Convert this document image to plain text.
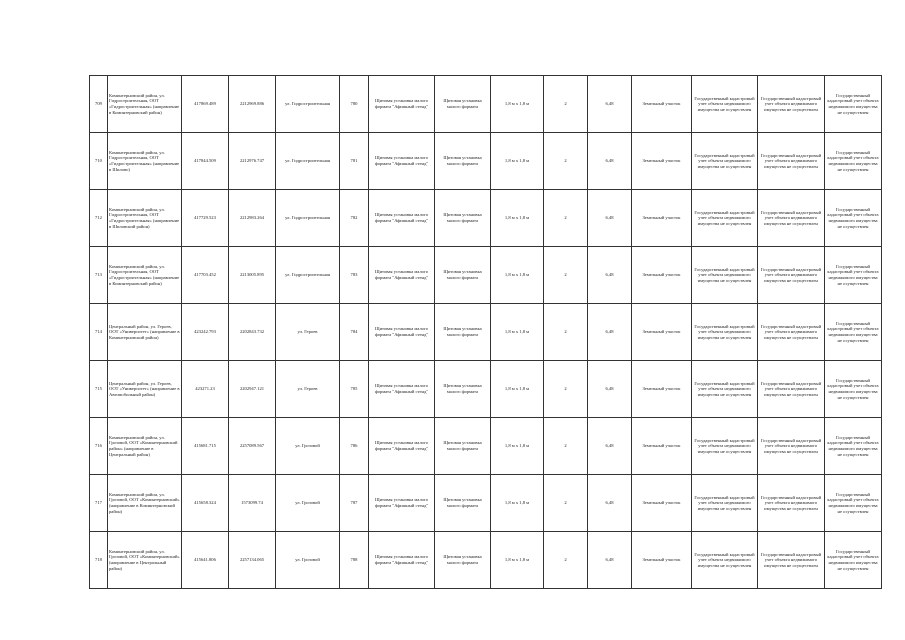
709	Коминтерновский район, ул. Гидростроительная, ООТ «Гидростроительная» (направление в Коминтерновский район)	417869.489	2212969.886	ул. Гидростроительная	780	Щитовая установка малого формата "Афишный стенд"	Щитовая установка малого формата	1,8 м х 1,8 м	2	6,48	Земельный участок	Государственный кадастровый учет объекта недвижимого имущества не осуществлен	Государственный кадастровый учет объекта недвижимого имущества не осуществлен	Государственный кадастровый учет объекта недвижимого имущества не осуществлен
710	Коминтерновский район, ул. Гидростроительная, ООТ «Гидростроительная» (направление в Шилово)	417844.509	2212976.747	ул. Гидростроительная	781	Щитовая установка малого формата "Афишный стенд"	Щитовая установка малого формата	1,8 м х 1,8 м	2	6,48	Земельный участок	Государственный кадастровый учет объекта недвижимого имущества не осуществлен	Государственный кадастровый учет объекта недвижимого имущества не осуществлен	Государственный кадастровый учет объекта недвижимого имущества не осуществлен
712	Коминтерновский район, ул. Гидростроительная, ООТ «Гидростроительная» (направление в Шиловский район)	417729.523	2212983.264	ул. Гидростроительная	782	Щитовая установка малого формата "Афишный стенд"	Щитовая установка малого формата	1,8 м х 1,8 м	2	6,48	Земельный участок	Государственный кадастровый учет объекта недвижимого имущества не осуществлен	Государственный кадастровый учет объекта недвижимого имущества не осуществлен	Государственный кадастровый учет объекта недвижимого имущества не осуществлен
713	Коминтерновский район, ул. Гидростроительная, ООТ «Гидростроительная» (направление в Коминтерновский район)	417703.452	2213005.895	ул. Гидростроительная	783	Щитовая установка малого формата "Афишный стенд"	Щитовая установка малого формата	1,8 м х 1,8 м	2	6,48	Земельный участок	Государственный кадастровый учет объекта недвижимого имущества не осуществлен	Государственный кадастровый учет объекта недвижимого имущества не осуществлен	Государственный кадастровый учет объекта недвижимого имущества не осуществлен
714	Центральный район, ул. Героев, ООТ «Университет» (направление в Коминтерновский район)	423242.793	2202843.732	ул. Героев	784	Щитовая установка малого формата "Афишный стенд"	Щитовая установка малого формата	1,8 м х 1,8 м	2	6,48	Земельный участок	Государственный кадастровый учет объекта недвижимого имущества не осуществлен	Государственный кадастровый учет объекта недвижимого имущества не осуществлен	Государственный кадастровый учет объекта недвижимого имущества не осуществлен
715	Центральный район, ул. Героев, ООТ «Университет» (направление в Автомобильный район)	423271.23	2202947.121	ул. Героев	785	Щитовая установка малого формата "Афишный стенд"	Щитовая установка малого формата	1,8 м х 1,8 м	2	6,48	Земельный участок	Государственный кадастровый учет объекта недвижимого имущества не осуществлен	Государственный кадастровый учет объекта недвижимого имущества не осуществлен	Государственный кадастровый учет объекта недвижимого имущества не осуществлен
716	Коминтерновский район, ул. Грозовой, ООТ «Коминтерновский район» (направление в Центральный район)	415681.715	2257089.567	ул. Грозовой	786	Щитовая установка малого формата "Афишный стенд"	Щитовая установка малого формата	1,8 м х 1,8 м	2	6,48	Земельный участок	Государственный кадастровый учет объекта недвижимого имущества не осуществлен	Государственный кадастровый учет объекта недвижимого имущества не осуществлен	Государственный кадастровый учет объекта недвижимого имущества не осуществлен
717	Коминтерновский район, ул. Грозовой, ООТ «Коминтерновский» (направление в Коминтерновский район)	415658.324	1573099.74	ул. Грозовой	787	Щитовая установка малого формата "Афишный стенд"	Щитовая установка малого формата	1,8 м х 1,8 м	2	6,48	Земельный участок	Государственный кадастровый учет объекта недвижимого имущества не осуществлен	Государственный кадастровый учет объекта недвижимого имущества не осуществлен	Государственный кадастровый учет объекта недвижимого имущества не осуществлен
718	Коминтерновский район, ул. Грозовой, ООТ «Коминтерновский» (направление в Центральный район)	415641.806	2257134.065	ул. Грозовой	788	Щитовая установка малого формата "Афишный стенд"	Щитовая установка малого формата	1,8 м х 1,8 м	2	6,48	Земельный участок	Государственный кадастровый учет объекта недвижимого имущества не осуществлен	Государственный кадастровый учет объекта недвижимого имущества не осуществлен	Государственный кадастровый учет объекта недвижимого имущества не осуществлен
